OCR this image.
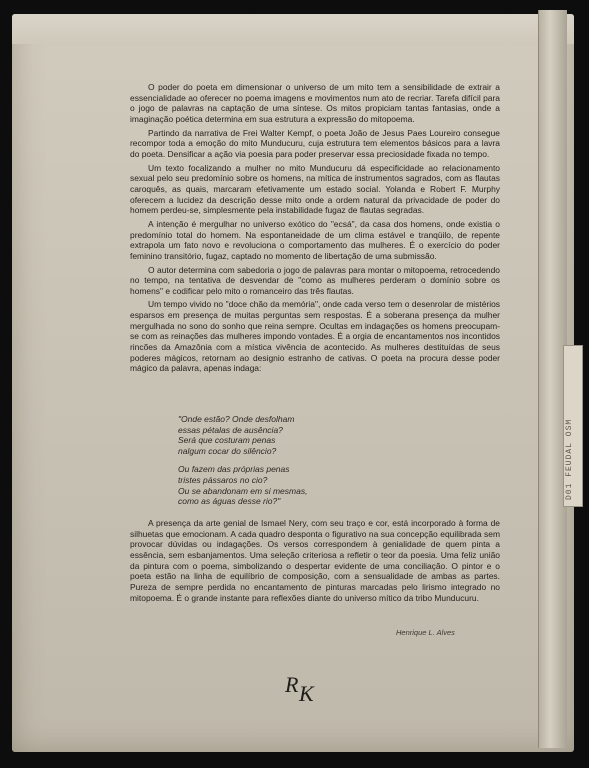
O poder do poeta em dimensionar o universo de um mito tem a sensibilidade de extrair a essencialidade ao oferecer no poema imagens e movimentos num ato de recriar. Tarefa difícil para o jogo de palavras na captação de uma síntese. Os mitos propiciam tantas fantasias, onde a imaginação poética determina em sua estrutura a expressão do mitopoema.

Partindo da narrativa de Frei Walter Kempf, o poeta João de Jesus Paes Loureiro consegue recompor toda a emoção do mito Munducuru, cuja estrutura tem elementos básicos para a lavra do poeta. Densificar a ação via poesia para poder preservar essa preciosidade fixada no tempo.

Um texto focalizando a mulher no mito Munducuru dá especificidade ao relacionamento sexual pelo seu predomínio sobre os homens, na mítica de instrumentos sagrados, com as flautas caroquês, as quais, marcaram efetivamente um estado social. Yolanda e Robert F. Murphy oferecem a lucidez da descrição desse mito onde a ordem natural da privacidade de poder do homem perdeu-se, simplesmente pela instabilidade fugaz de flautas segradas.

A intenção é mergulhar no universo exótico do "ecsá", da casa dos homens, onde existia o predomínio total do homem. Na espontaneidade de um clima estável e tranqüilo, de repente extrapola um fato novo e revoluciona o comportamento das mulheres. É o exercício do poder feminino transitório, fugaz, captado no momento de libertação de uma submissão.

O autor determina com sabedoria o jogo de palavras para montar o mitopoema, retrocedendo no tempo, na tentativa de desvendar de "como as mulheres perderam o domínio sobre os homens" e codificar pelo mito o romanceiro das três flautas.

Um tempo vivido no "doce chão da memória", onde cada verso tem o desenrolar de mistérios esparsos em presença de muitas perguntas sem respostas. É a soberana presença da mulher mergulhada no sono do sonho que reina sempre. Ocultas em indagações os homens preocupam-se com as reinações das mulheres impondo vontades. É a orgia de encantamentos nos incontidos rincões da Amazônia com a mística vivência de acontecido. As mulheres destituídas de seus poderes mágicos, retornam ao designio estranho de cativas. O poeta na procura desse poder mágico da palavra, apenas indaga:

"Onde estão? Onde desfolham
essas pétalas de ausência?
Será que costuram penas
nalgum cocar do silêncio?
Ou fazem das próprias penas
tristes pássaros no cio?
Ou se abandonam em si mesmas,
como as águas desse rio?"

A presença da arte genial de Ismael Nery, com seu traço e cor, está incorporado à forma de silhuetas que emocionam. A cada quadro desponta o figurativo na sua concepção equilibrada sem provocar dúvidas ou indagações. Os versos correspondem à genialidade de quem pinta a essência, sem esbanjamentos. Uma seleção criteriosa a refletir o teor da poesia. Uma feliz união da pintura com o poema, simbolizando o despertar evidente de uma conciliação. O pintor e o poeta estão na linha de equilíbrio de composição, com a sensualidade de ambas as partes. Pureza de sempre perdida no encantamento de pinturas marcadas pelo lirismo integrado no mitopoema. É o grande instante para reflexões diante do universo mítico da tribo Munducuru.

Henrique L. Alves
R K
D01 FEUDAL OSM
